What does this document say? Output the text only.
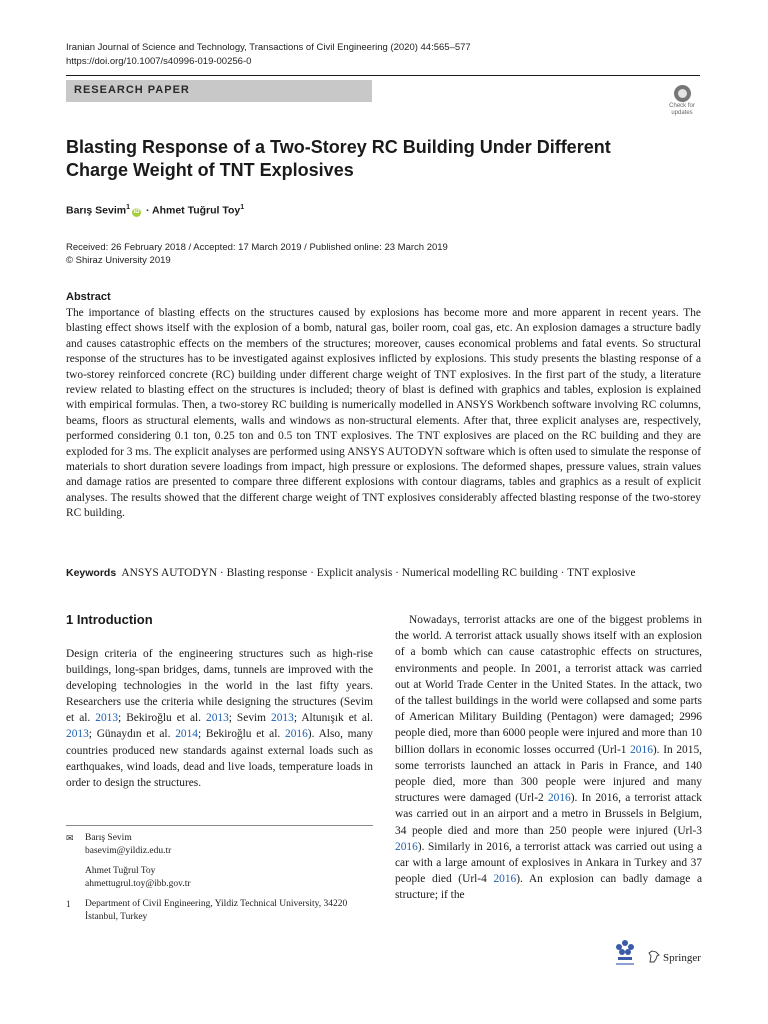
Iranian Journal of Science and Technology, Transactions of Civil Engineering (2020) 44:565–577
https://doi.org/10.1007/s40996-019-00256-0
RESEARCH PAPER
Check for
updates
Blasting Response of a Two-Storey RC Building Under Different Charge Weight of TNT Explosives
Barış Sevim$^1$iD · Ahmet Tuğrul Toy$^1$
Received: 26 February 2018 / Accepted: 17 March 2019 / Published online: 23 March 2019
© Shiraz University 2019
Abstract
The importance of blasting effects on the structures caused by explosions has become more and more apparent in recent years. The blasting effect shows itself with the explosion of a bomb, natural gas, boiler room, coal gas, etc. An explosion damages a structure badly and causes catastrophic effects on the members of the structures; moreover, causes economical problems and fatal events. So structural response of the structures has to be investigated against explosives inflicted by explosions. This study presents the blasting response of a two-storey reinforced concrete (RC) building under different charge weight of TNT explosives. In the first part of the study, a literature review related to blasting effect on the structures is included; theory of blast is defined with graphics and tables, explosion is explained with empirical formulas. Then, a two-storey RC building is numerically modelled in ANSYS Workbench software involving RC columns, beams, floors as structural elements, walls and windows as non-structural elements. After that, three explicit analyses are, respectively, performed considering 0.1 ton, 0.25 ton and 0.5 ton TNT explosives. The TNT explosives are placed on the RC building and they are exploded for 3 ms. The explicit analyses are performed using ANSYS AUTODYN software which is often used to simulate the response of materials to short duration severe loadings from impact, high pressure or explosions. The deformed shapes, pressure values, strain values and damage ratios are presented to compare three different explosions with contour diagrams, tables and graphics as a result of explicit analyses. The results showed that the different charge weight of TNT explosives considerably affected blasting response of the two-storey RC building.
Keywords ANSYS AUTODYN · Blasting response · Explicit analysis · Numerical modelling RC building · TNT explosive
1 Introduction
Design criteria of the engineering structures such as high-rise buildings, long-span bridges, dams, tunnels are improved with the developing technologies in the world in the last fifty years. Researchers use the criteria while designing the structures (Sevim et al. 2013; Bekiroğlu et al. 2013; Sevim 2013; Altunışık et al. 2013; Günaydın et al. 2014; Bekiroğlu et al. 2016). Also, many countries produced new standards against external loads such as earthquakes, wind loads, dead and live loads, temperature loads in order to design the structures.
✉ Barış Sevim
basevim@yildiz.edu.tr
Ahmet Tuğrul Toy
ahmettugrul.toy@ibb.gov.tr
1 Department of Civil Engineering, Yildiz Technical University, 34220 İstanbul, Turkey
Nowadays, terrorist attacks are one of the biggest problems in the world. A terrorist attack usually shows itself with an explosion of a bomb which can cause catastrophic effects on structures, environments and people. In 2001, a terrorist attack was carried out at World Trade Center in the United States. In the attack, two of the tallest buildings in the world were collapsed and some parts of American Military Building (Pentagon) were damaged; 2996 people died, more than 6000 people were injured and more than 10 billion dollars in economic losses occurred (Url-1 2016). In 2015, some terrorists launched an attack in Paris in France, and 140 people died, more than 300 people were injured and many structures were damaged (Url-2 2016). In 2016, a terrorist attack was carried out in an airport and a metro in Brussels in Belgium, 34 people died and more than 250 people were injured (Url-3 2016). Similarly in 2016, a terrorist attack was carried out using a car with a large amount of explosives in Ankara in Turkey and 37 people died (Url-4 2016). An explosion can badly damage a structure; if the
Springer
